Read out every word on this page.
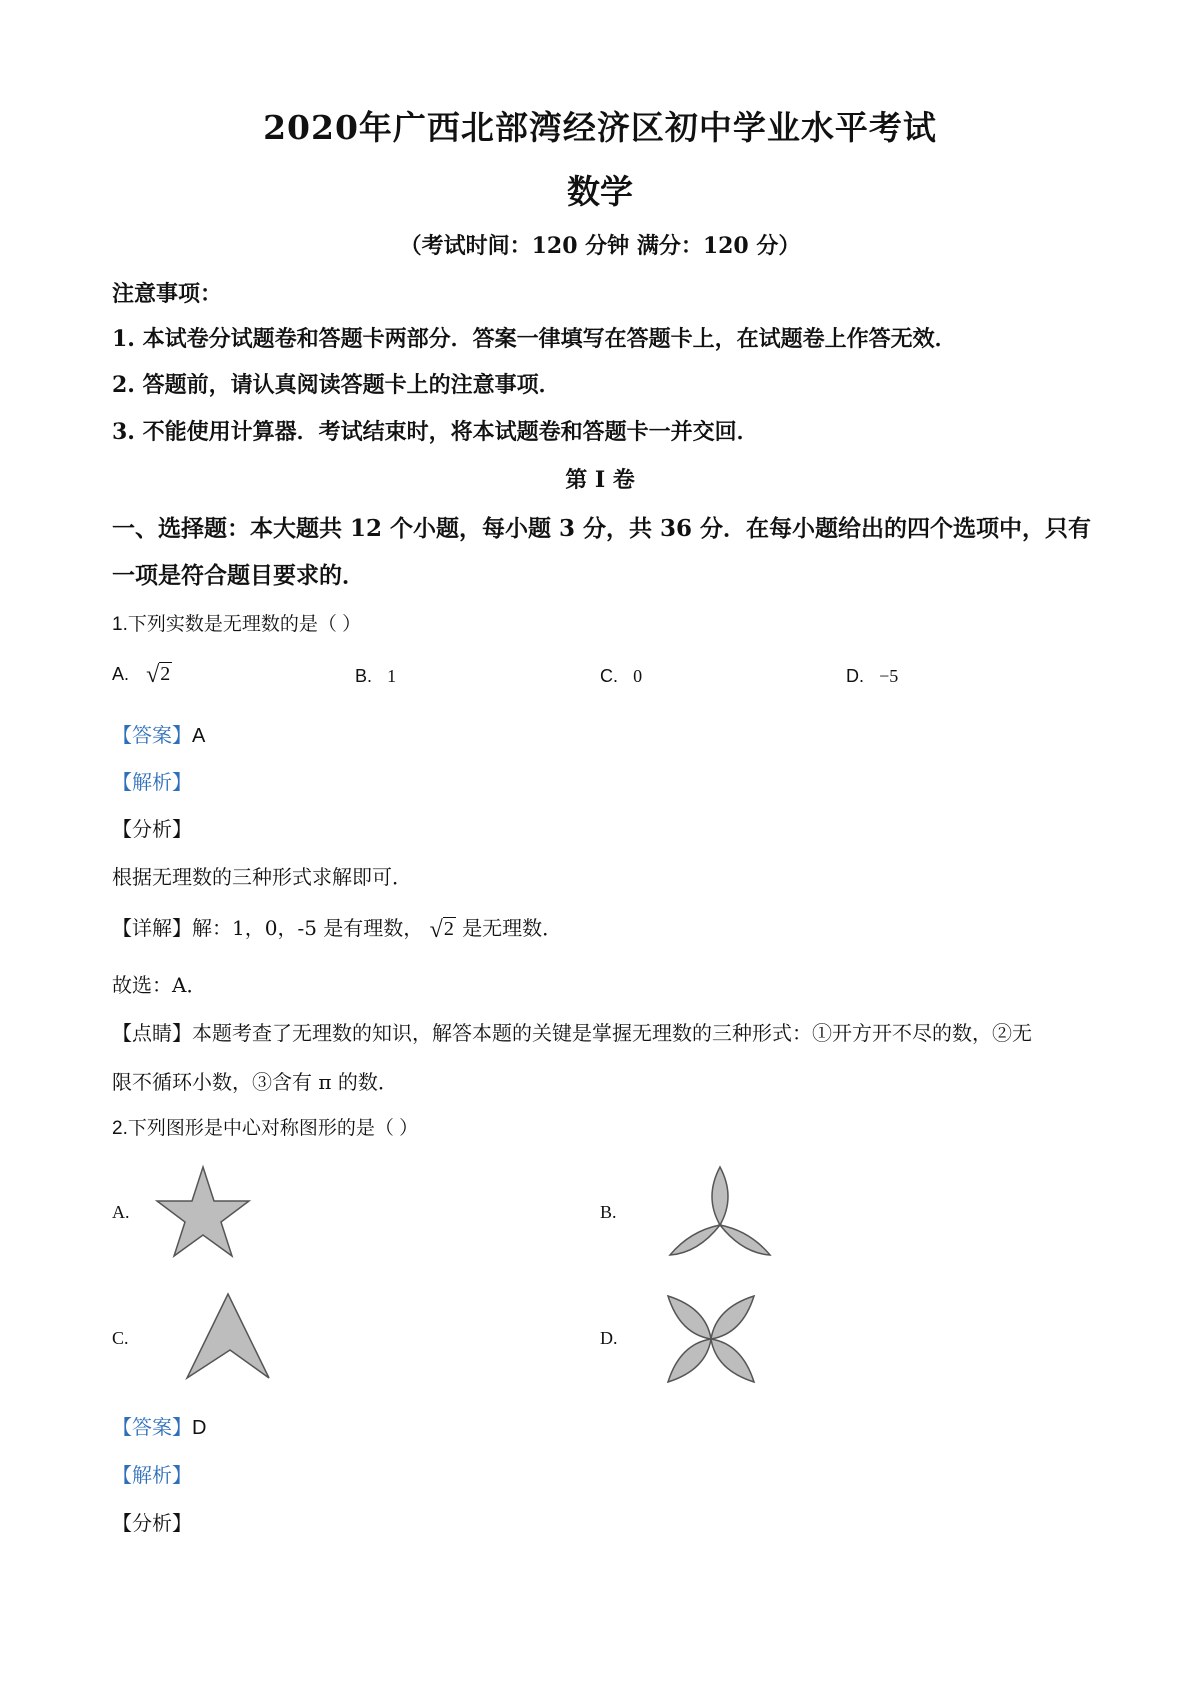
2020年广西北部湾经济区初中学业水平考试
数学
（考试时间：120 分钟 满分：120 分）
注意事项：
1. 本试卷分试题卷和答题卡两部分．答案一律填写在答题卡上，在试题卷上作答无效．
2. 答题前，请认真阅读答题卡上的注意事项．
3. 不能使用计算器．考试结束时，将本试题卷和答题卡一并交回．
第 I 卷
一、选择题：本大题共 12 个小题，每小题 3 分，共 36 分．在每小题给出的四个选项中，只有
一项是符合题目要求的．
1.下列实数是无理数的是（ ）
A. √2	B. 1	C. 0	D. −5
【答案】A
【解析】
【分析】
根据无理数的三种形式求解即可．
【详解】解：1，0，-5 是有理数， √2 是无理数．
故选：A．
【点睛】本题考查了无理数的知识，解答本题的关键是掌握无理数的三种形式：①开方开不尽的数，②无
限不循环小数，③含有 π 的数．
2.下列图形是中心对称图形的是（ ）
A.	B.
C.	D.
【答案】D
【解析】
【分析】
